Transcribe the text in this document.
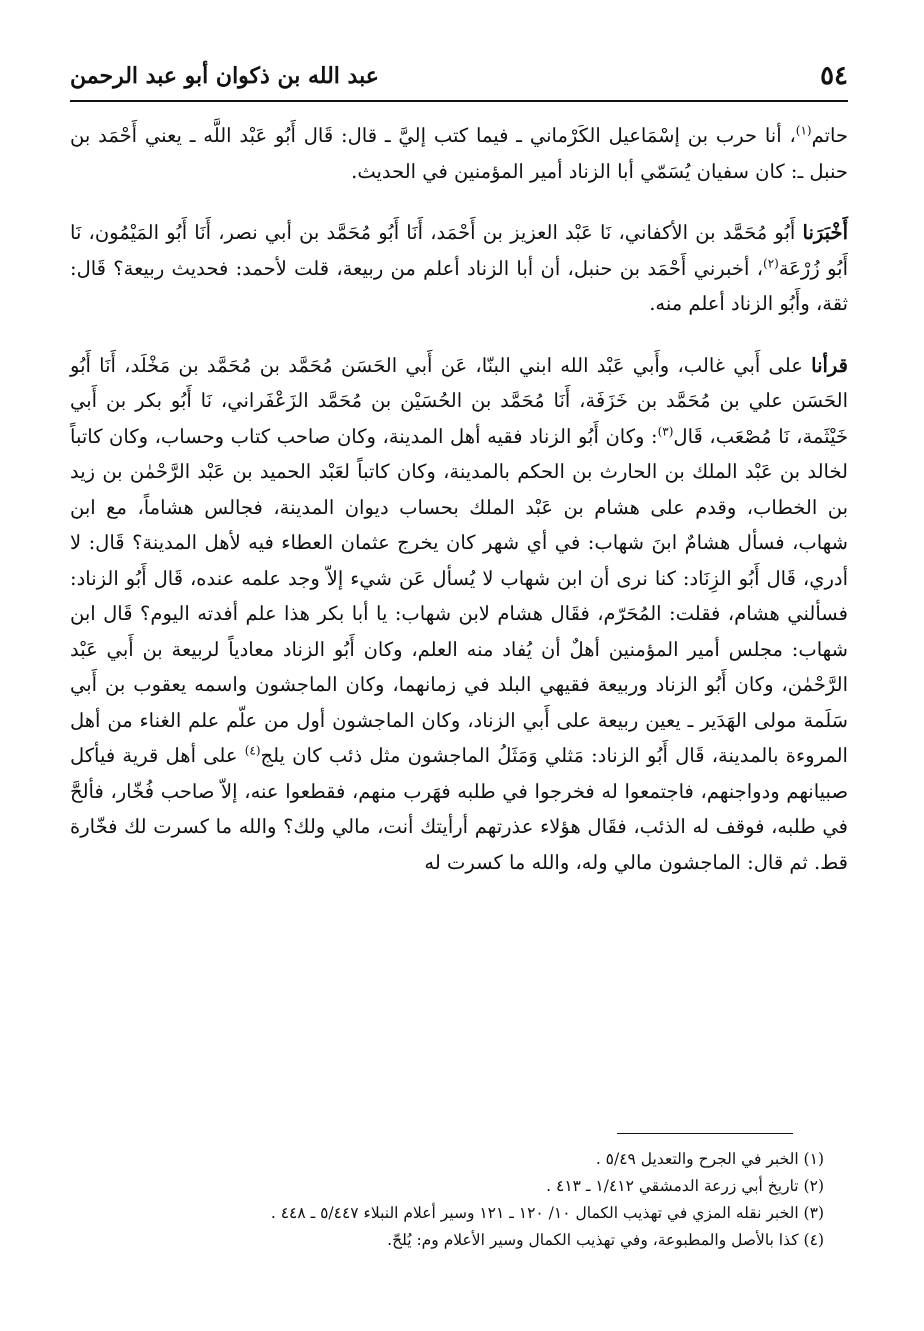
٥٤
عبد الله بن ذكوان أبو عبد الرحمن

حاتم$^{(١)}$، أنا حرب بن إسْمَاعيل الكَرْماني ـ فيما كتب إليَّ ـ قال: قَال أَبُو عَبْد اللَّه ـ يعني أَحْمَد بن حنبل ـ: كان سفيان يُسَمّي أبا الزناد أمير المؤمنين في الحديث.

أَخْبَرَنا أَبُو مُحَمَّد بن الأكفاني، نَا عَبْد العزيز بن أَحْمَد، أَنَا أَبُو مُحَمَّد بن أبي نصر، أَنَا أَبُو المَيْمُون، نَا أَبُو زُرْعَة$^{(٢)}$، أخبرني أَحْمَد بن حنبل، أن أبا الزناد أعلم من ربيعة، قلت لأحمد: فحديث ربيعة؟ قَال: ثقة، وأَبُو الزناد أعلم منه.

قرأنا على أَبي غالب، وأَبي عَبْد الله ابني البنّا، عَن أَبي الحَسَن مُحَمَّد بن مُحَمَّد بن مَخْلَد، أَنَا أَبُو الحَسَن علي بن مُحَمَّد بن خَزَفَة، أَنَا مُحَمَّد بن الحُسَيْن بن مُحَمَّد الزَعْفَراني، نَا أَبُو بكر بن أَبي خَيْثَمة، نَا مُصْعَب، قَال$^{(٣)}$: وكان أَبُو الزناد فقيه أهل المدينة، وكان صاحب كتاب وحساب، وكان كاتباً لخالد بن عَبْد الملك بن الحارث بن الحكم بالمدينة، وكان كاتباً لعَبْد الحميد بن عَبْد الرَّحْمٰن بن زيد بن الخطاب، وقدم على هشام بن عَبْد الملك بحساب ديوان المدينة، فجالس هشاماً، مع ابن شهاب، فسأل هشامٌ ابنَ شهاب: في أي شهر كان يخرج عثمان العطاء فيه لأهل المدينة؟ قَال: لا أدري، قَال أَبُو الزِنَاد: كنا نرى أن ابن شهاب لا يُسأل عَن شيء إلاّ وجد علمه عنده، قَال أَبُو الزناد: فسألني هشام، فقلت: المُحَرّم، فقَال هشام لابن شهاب: يا أبا بكر هذا علم أفدته اليوم؟ قَال ابن شهاب: مجلس أمير المؤمنين أهلٌ أن يُفاد منه العلم، وكان أَبُو الزناد معادياً لربيعة بن أَبي عَبْد الرَّحْمٰن، وكان أَبُو الزناد وربيعة فقيهي البلد في زمانهما، وكان الماجشون واسمه يعقوب بن أَبي سَلَمة مولى الهَدَير ـ يعين ربيعة على أَبي الزناد، وكان الماجشون أول من علّم علم الغناء من أهل المروءة بالمدينة، قَال أَبُو الزناد: مَثلي وَمَثَلُ الماجشون مثل ذئب كان يلج$^{(٤)}$ على أهل قرية فيأكل صبيانهم ودواجنهم، فاجتمعوا له فخرجوا في طلبه فهَرب منهم، فقطعوا عنه، إلاّ صاحب فُخّار، فألحَّ في طلبه، فوقف له الذئب، فقَال هؤلاء عذرتهم أرأيتك أنت، مالي ولك؟ والله ما كسرت لك فخّارة قط. ثم قال: الماجشون مالي وله، والله ما كسرت له

(١) الخبر في الجرح والتعديل ٥/٤٩ .
(٢) تاريخ أبي زرعة الدمشقي ١/٤١٢ ـ ٤١٣ .
(٣) الخبر نقله المزي في تهذيب الكمال ١٠/ ١٢٠ ـ ١٢١ وسير أعلام النبلاء ٥/٤٤٧ ـ ٤٤٨ .
(٤) كذا بالأصل والمطبوعة، وفي تهذيب الكمال وسير الأعلام وم: يُلحّ.
